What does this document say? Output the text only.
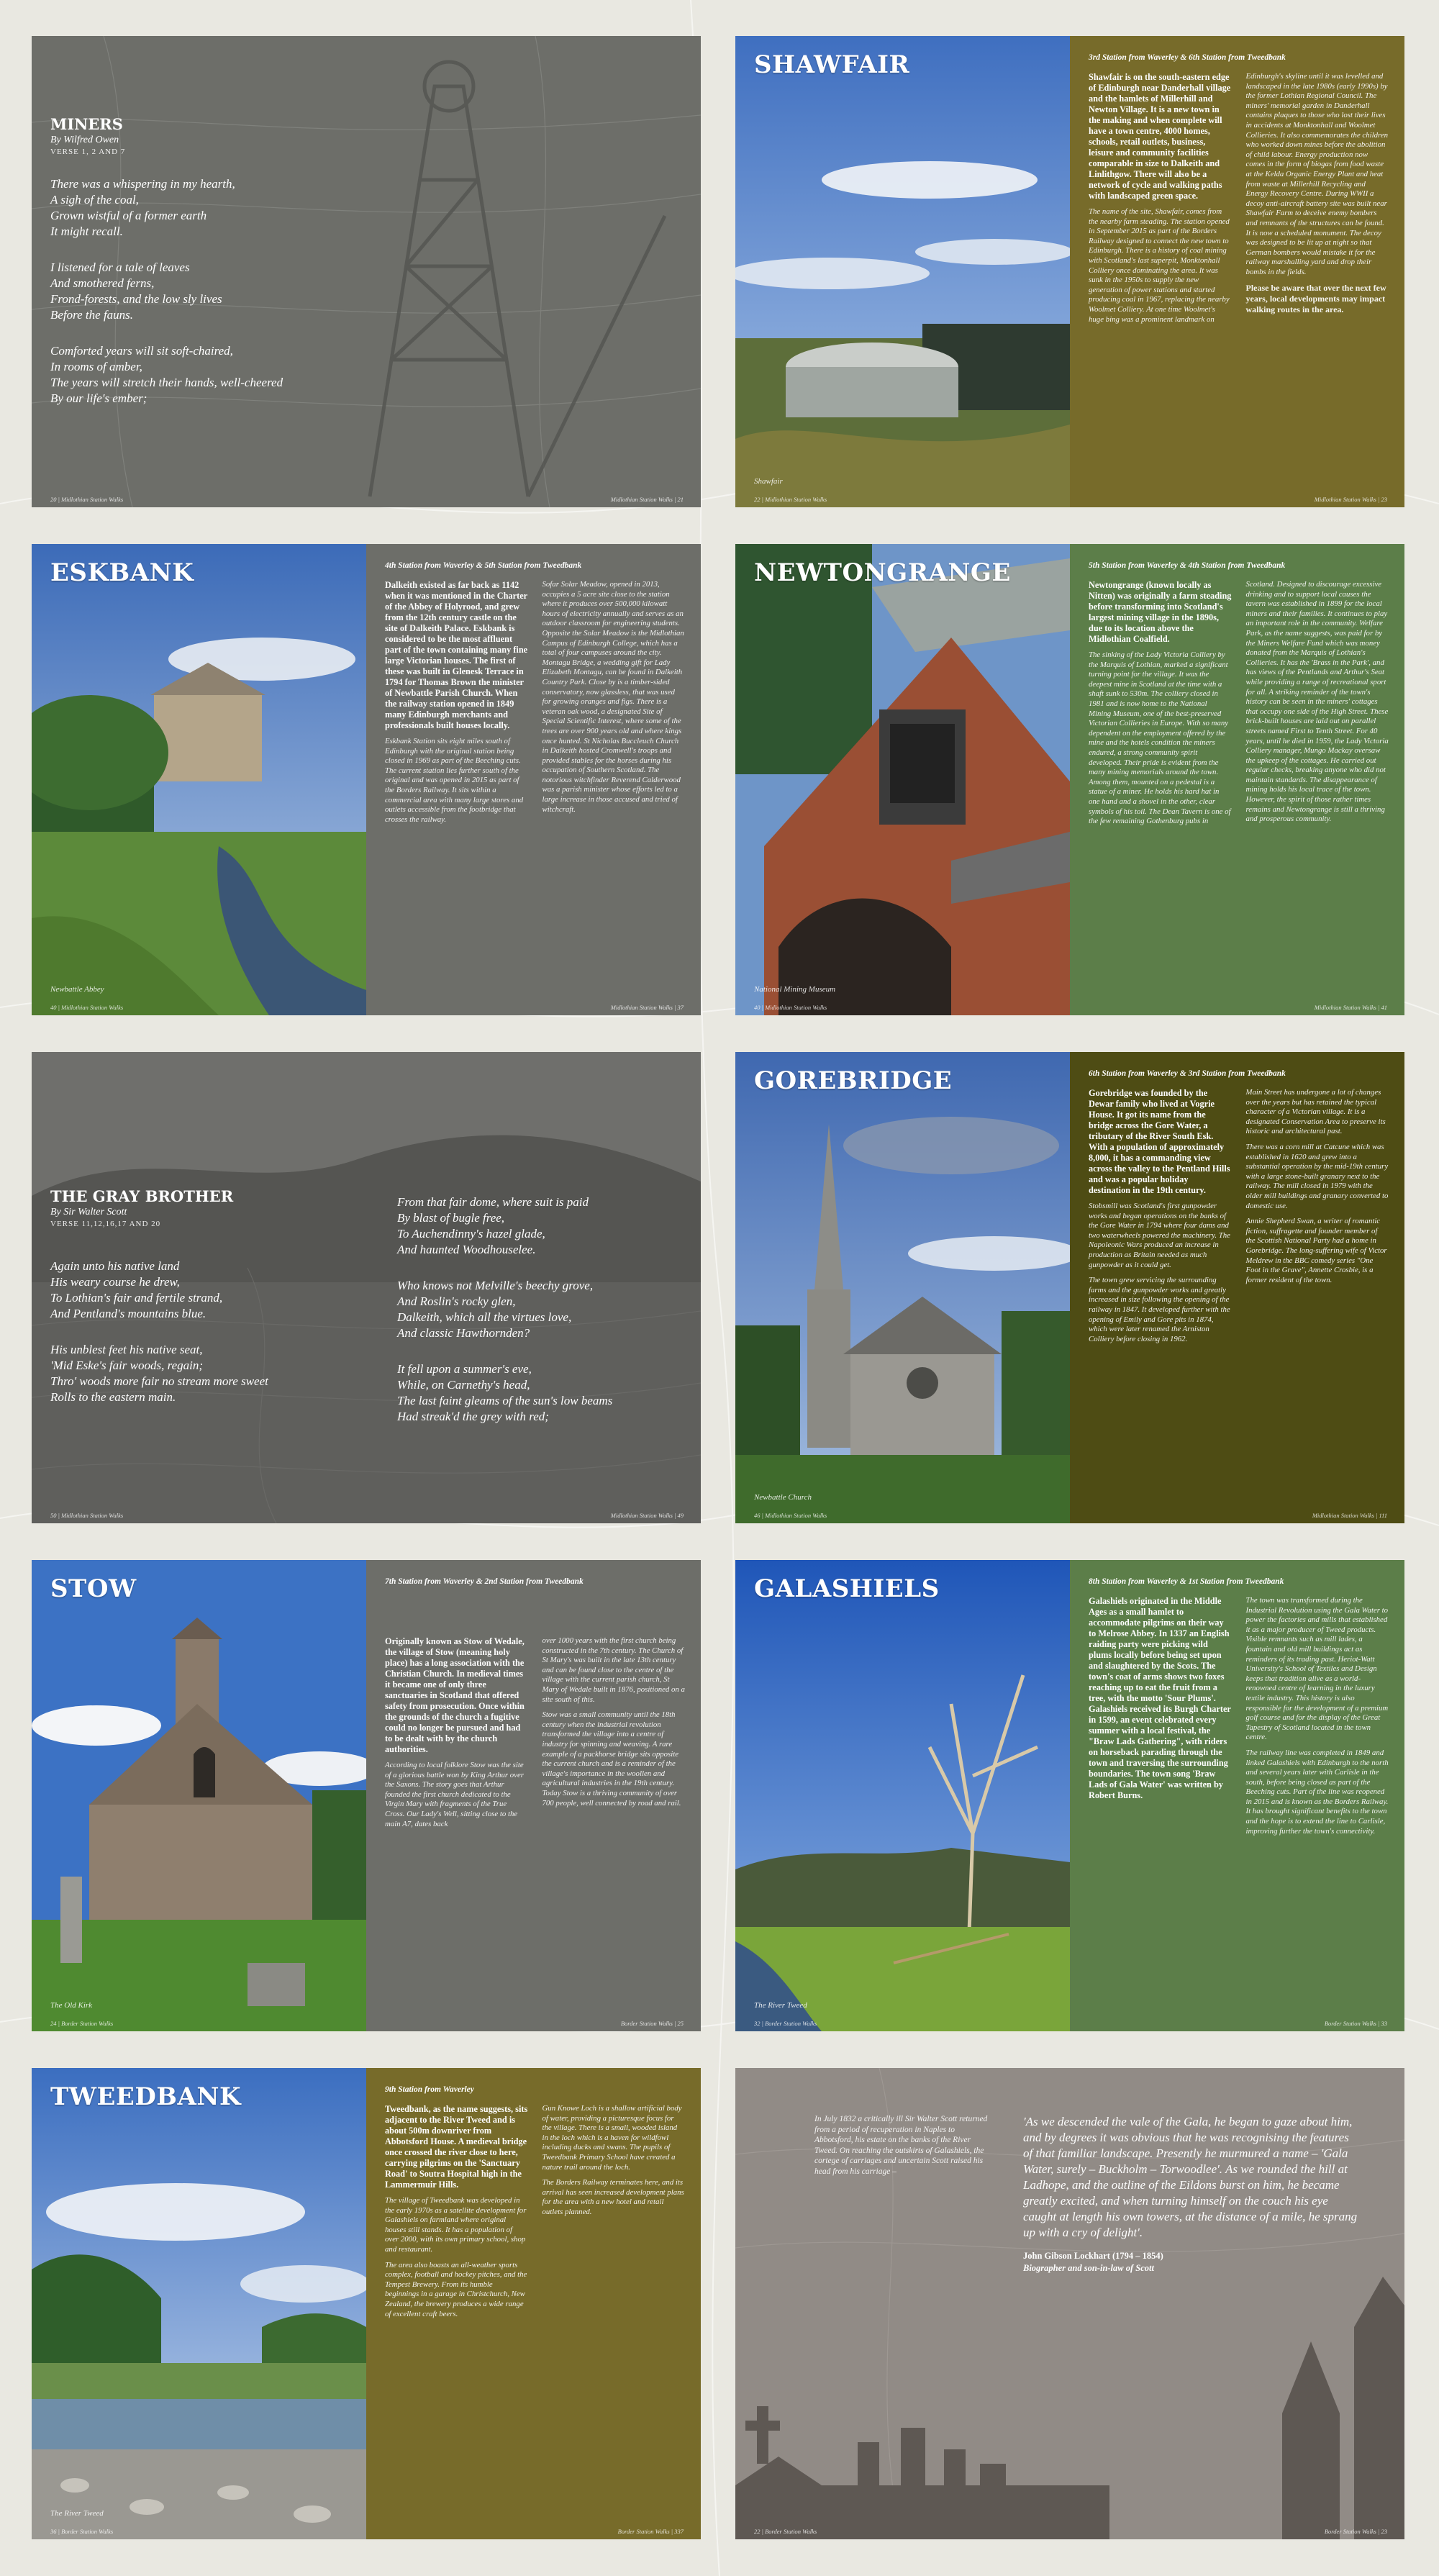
MINERS
By Wilfred Owen
VERSE 1, 2 AND 7
There was a whispering in my hearth,
A sigh of the coal,
Grown wistful of a former earth
It might recall.
I listened for a tale of leaves
And smothered ferns,
Frond-forests, and the low sly lives
Before the fauns.
Comforted years will sit soft-chaired,
In rooms of amber,
The years will stretch their hands, well-cheered
By our life's ember;
20 | Midlothian Station Walks	Midlothian Station Walks | 21
SHAWFAIR
Shawfair
22 | Midlothian Station Walks
3rd Station from Waverley & 6th Station from Tweedbank
Shawfair is on the south-eastern edge of Edinburgh near Danderhall village and the hamlets of Millerhill and Newton Village. It is a new town in the making and when complete will have a town centre, 4000 homes, schools, retail outlets, business, leisure and community facilities comparable in size to Dalkeith and Linlithgow. There will also be a network of cycle and walking paths with landscaped green space.
The name of the site, Shawfair, comes from the nearby farm steading. The station opened in September 2015 as part of the Borders Railway designed to connect the new town to Edinburgh. There is a history of coal mining with Scotland's last superpit, Monktonhall Colliery once dominating the area. It was sunk in the 1950s to supply the new generation of power stations and started producing coal in 1967, replacing the nearby Woolmet Colliery. At one time Woolmet's huge bing was a prominent landmark on
Edinburgh's skyline until it was levelled and landscaped in the late 1980s (early 1990s) by the former Lothian Regional Council. The miners' memorial garden in Danderhall contains plaques to those who lost their lives in accidents at Monktonhall and Woolmet Collieries. It also commemorates the children who worked down mines before the abolition of child labour. Energy production now comes in the form of biogas from food waste at the Kelda Organic Energy Plant and heat from waste at Millerhill Recycling and Energy Recovery Centre. During WWII a decoy anti-aircraft battery site was built near Shawfair Farm to deceive enemy bombers and remnants of the structures can be found. It is now a scheduled monument. The decoy was designed to be lit up at night so that German bombers would mistake it for the railway marshalling yard and drop their bombs in the fields.
Please be aware that over the next few years, local developments may impact walking routes in the area.
Midlothian Station Walks | 23
ESKBANK
Newbattle Abbey
40 | Midlothian Station Walks
4th Station from Waverley & 5th Station from Tweedbank
Dalkeith existed as far back as 1142 when it was mentioned in the Charter of the Abbey of Holyrood, and grew from the 12th century castle on the site of Dalkeith Palace. Eskbank is considered to be the most affluent part of the town containing many fine large Victorian houses. The first of these was built in Glenesk Terrace in 1794 for Thomas Brown the minister of Newbattle Parish Church. When the railway station opened in 1849 many Edinburgh merchants and professionals built houses locally.
Eskbank Station sits eight miles south of Edinburgh with the original station being closed in 1969 as part of the Beeching cuts. The current station lies further south of the original and was opened in 2015 as part of the Borders Railway. It sits within a commercial area with many large stores and outlets accessible from the footbridge that crosses the railway.
Sofar Solar Meadow, opened in 2013, occupies a 5 acre site close to the station where it produces over 500,000 kilowatt hours of electricity annually and serves as an outdoor classroom for engineering students. Opposite the Solar Meadow is the Midlothian Campus of Edinburgh College, which has a total of four campuses around the city. Montagu Bridge, a wedding gift for Lady Elizabeth Montagu, can be found in Dalkeith Country Park. Close by is a timber-sided conservatory, now glassless, that was used for growing oranges and figs. There is a veteran oak wood, a designated Site of Special Scientific Interest, where some of the trees are over 900 years old and where kings once hunted. St Nicholas Buccleuch Church in Dalkeith hosted Cromwell's troops and provided stables for the horses during his occupation of Southern Scotland. The notorious witchfinder Reverend Calderwood was a parish minister whose efforts led to a large increase in those accused and tried of witchcraft.
Midlothian Station Walks | 37
NEWTONGRANGE
National Mining Museum
40 | Midlothian Station Walks
5th Station from Waverley & 4th Station from Tweedbank
Newtongrange (known locally as Nitten) was originally a farm steading before transforming into Scotland's largest mining village in the 1890s, due to its location above the Midlothian Coalfield.
The sinking of the Lady Victoria Colliery by the Marquis of Lothian, marked a significant turning point for the village. It was the deepest mine in Scotland at the time with a shaft sunk to 530m. The colliery closed in 1981 and is now home to the National Mining Museum, one of the best-preserved Victorian Collieries in Europe. With so many dependent on the employment offered by the mine and the hotels condition the miners endured, a strong community spirit developed. Their pride is evident from the many mining memorials around the town. Among them, mounted on a pedestal is a statue of a miner. He holds his hard hat in one hand and a shovel in the other, clear symbols of his toil. The Dean Tavern is one of the few remaining Gothenburg pubs in
Scotland. Designed to discourage excessive drinking and to support local causes the tavern was established in 1899 for the local miners and their families. It continues to play an important role in the community. Welfare Park, as the name suggests, was paid for by the Miners Welfare Fund which was money donated from the Marquis of Lothian's Collieries. It has the 'Brass in the Park', and has views of the Pentlands and Arthur's Seat while providing a range of recreational sport for all. A striking reminder of the town's history can be seen in the miners' cottages that occupy one side of the High Street. These brick-built houses are laid out on parallel streets named First to Tenth Street. For 40 years, until he died in 1959, the Lady Victoria Colliery manager, Mungo Mackay oversaw the upkeep of the cottages. He carried out regular checks, breaking anyone who did not maintain standards. The disappearance of mining holds his local trace of the town. However, the spirit of those rather times remains and Newtongrange is still a thriving and prosperous community.
Midlothian Station Walks | 41
THE GRAY BROTHER
By Sir Walter Scott
VERSE 11,12,16,17 AND 20
Again unto his native land
His weary course he drew,
To Lothian's fair and fertile strand,
And Pentland's mountains blue.
His unblest feet his native seat,
'Mid Eske's fair woods, regain;
Thro' woods more fair no stream more sweet
Rolls to the eastern main.
From that fair dome, where suit is paid
By blast of bugle free,
To Auchendinny's hazel glade,
And haunted Woodhouselee.
Who knows not Melville's beechy grove,
And Roslin's rocky glen,
Dalkeith, which all the virtues love,
And classic Hawthornden?
It fell upon a summer's eve,
While, on Carnethy's head,
The last faint gleams of the sun's low beams
Had streak'd the grey with red;
50 | Midlothian Station Walks	Midlothian Station Walks | 49
GOREBRIDGE
Newbattle Church
46 | Midlothian Station Walks
6th Station from Waverley & 3rd Station from Tweedbank
Gorebridge was founded by the Dewar family who lived at Vogrie House. It got its name from the bridge across the Gore Water, a tributary of the River South Esk. With a population of approximately 8,000, it has a commanding view across the valley to the Pentland Hills and was a popular holiday destination in the 19th century.
Stobsmill was Scotland's first gunpowder works and began operations on the banks of the Gore Water in 1794 where four dams and two waterwheels powered the machinery. The Napoleonic Wars produced an increase in production as Britain needed as much gunpowder as it could get.
The town grew servicing the surrounding farms and the gunpowder works and greatly increased in size following the opening of the railway in 1847. It developed further with the opening of Emily and Gore pits in 1874, which were later renamed the Arniston Colliery before closing in 1962.
Main Street has undergone a lot of changes over the years but has retained the typical character of a Victorian village. It is a designated Conservation Area to preserve its historic and architectural past.
There was a corn mill at Catcune which was established in 1620 and grew into a substantial operation by the mid-19th century with a large stone-built granary next to the railway. The mill closed in 1979 with the older mill buildings and granary converted to domestic use.
Annie Shepherd Swan, a writer of romantic fiction, suffragette and founder member of the Scottish National Party had a home in Gorebridge. The long-suffering wife of Victor Meldrew in the BBC comedy series "One Foot in the Grave", Annette Crosbie, is a former resident of the town.
Midlothian Station Walks | 111
STOW
The Old Kirk
24 | Border Station Walks
7th Station from Waverley & 2nd Station from Tweedbank
Originally known as Stow of Wedale, the village of Stow (meaning holy place) has a long association with the Christian Church. In medieval times it became one of only three sanctuaries in Scotland that offered safety from prosecution. Once within the grounds of the church a fugitive could no longer be pursued and had to be dealt with by the church authorities.
According to local folklore Stow was the site of a glorious battle won by King Arthur over the Saxons. The story goes that Arthur founded the first church dedicated to the Virgin Mary with fragments of the True Cross. Our Lady's Well, sitting close to the main A7, dates back
over 1000 years with the first church being constructed in the 7th century. The Church of St Mary's was built in the late 13th century and can be found close to the centre of the village with the current parish church, St Mary of Wedale built in 1876, positioned on a site south of this.
Stow was a small community until the 18th century when the industrial revolution transformed the village into a centre of industry for spinning and weaving. A rare example of a packhorse bridge sits opposite the current church and is a reminder of the village's importance in the woollen and agricultural industries in the 19th century. Today Stow is a thriving community of over 700 people, well connected by road and rail.
Border Station Walks | 25
GALASHIELS
The River Tweed
32 | Border Station Walks
8th Station from Waverley & 1st Station from Tweedbank
Galashiels originated in the Middle Ages as a small hamlet to accommodate pilgrims on their way to Melrose Abbey. In 1337 an English raiding party were picking wild plums locally before being set upon and slaughtered by the Scots. The town's coat of arms shows two foxes reaching up to eat the fruit from a tree, with the motto 'Sour Plums'. Galashiels received its Burgh Charter in 1599, an event celebrated every summer with a local festival, the "Braw Lads Gathering", with riders on horseback parading through the town and traversing the surrounding boundaries. The town song 'Braw Lads of Gala Water' was written by Robert Burns.
The town was transformed during the Industrial Revolution using the Gala Water to power the factories and mills that established it as a major producer of Tweed products. Visible remnants such as mill lades, a fountain and old mill buildings act as reminders of its trading past. Heriot-Watt University's School of Textiles and Design keeps that tradition alive as a world-renowned centre of learning in the luxury textile industry. This history is also responsible for the development of a premium golf course and for the display of the Great Tapestry of Scotland located in the town centre.
The railway line was completed in 1849 and linked Galashiels with Edinburgh to the north and several years later with Carlisle in the south, before being closed as part of the Beeching cuts. Part of the line was reopened in 2015 and is known as the Borders Railway. It has brought significant benefits to the town and the hope is to extend the line to Carlisle, improving further the town's connectivity.
Border Station Walks | 33
TWEEDBANK
The River Tweed
36 | Border Station Walks
9th Station from Waverley
Tweedbank, as the name suggests, sits adjacent to the River Tweed and is about 500m downriver from Abbotsford House. A medieval bridge once crossed the river close to here, carrying pilgrims on the 'Sanctuary Road' to Soutra Hospital high in the Lammermuir Hills.
The village of Tweedbank was developed in the early 1970s as a satellite development for Galashiels on farmland where original houses still stands. It has a population of over 2000, with its own primary school, shop and restaurant.
The area also boasts an all-weather sports complex, football and hockey pitches, and the Tempest Brewery. From its humble beginnings in a garage in Christchurch, New Zealand, the brewery produces a wide range of excellent craft beers.
Gun Knowe Loch is a shallow artificial body of water, providing a picturesque focus for the village. There is a small, wooded island in the loch which is a haven for wildfowl including ducks and swans. The pupils of Tweedbank Primary School have created a nature trail around the loch.
The Borders Railway terminates here, and its arrival has seen increased development plans for the area with a new hotel and retail outlets planned.
Border Station Walks | 337
In July 1832 a critically ill Sir Walter Scott returned from a period of recuperation in Naples to Abbotsford, his estate on the banks of the River Tweed. On reaching the outskirts of Galashiels, the cortege of carriages and uncertain Scott raised his head from his carriage –
'As we descended the vale of the Gala, he began to gaze about him, and by degrees it was obvious that he was recognising the features of that familiar landscape. Presently he murmured a name – 'Gala Water, surely – Buckholm – Torwoodlee'. As we rounded the hill at Ladhope, and the outline of the Eildons burst on him, he became greatly excited, and when turning himself on the couch his eye caught at length his own towers, at the distance of a mile, he sprang up with a cry of delight'.
John Gibson Lockhart (1794 – 1854)
Biographer and son-in-law of Scott
22 | Border Station Walks	Border Station Walks | 23
